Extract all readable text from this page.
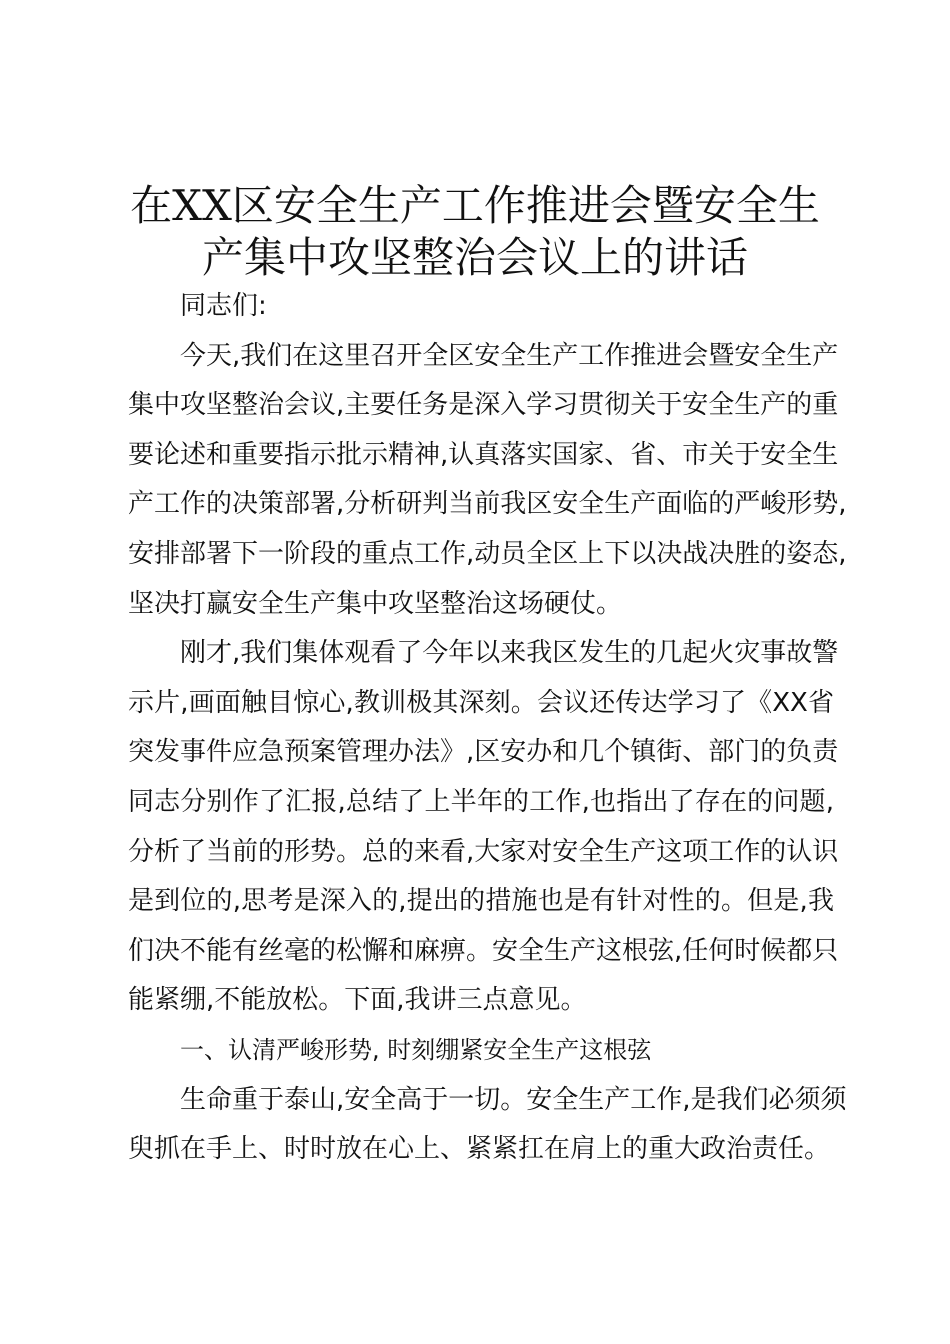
在XX区安全生产工作推进会暨安全生
产集中攻坚整治会议上的讲话

同志们:

今天,我们在这里召开全区安全生产工作推进会暨安全生产
集中攻坚整治会议,主要任务是深入学习贯彻关于安全生产的重
要论述和重要指示批示精神,认真落实国家、省、市关于安全生
产工作的决策部署,分析研判当前我区安全生产面临的严峻形势,
安排部署下一阶段的重点工作,动员全区上下以决战决胜的姿态,
坚决打赢安全生产集中攻坚整治这场硬仗。

刚才,我们集体观看了今年以来我区发生的几起火灾事故警
示片,画面触目惊心,教训极其深刻。会议还传达学习了《XX省
突发事件应急预案管理办法》,区安办和几个镇街、部门的负责
同志分别作了汇报,总结了上半年的工作,也指出了存在的问题,
分析了当前的形势。总的来看,大家对安全生产这项工作的认识
是到位的,思考是深入的,提出的措施也是有针对性的。但是,我
们决不能有丝毫的松懈和麻痹。安全生产这根弦,任何时候都只
能紧绷,不能放松。下面,我讲三点意见。

一、认清严峻形势, 时刻绷紧安全生产这根弦

生命重于泰山,安全高于一切。安全生产工作,是我们必须须
臾抓在手上、时时放在心上、紧紧扛在肩上的重大政治责任。
